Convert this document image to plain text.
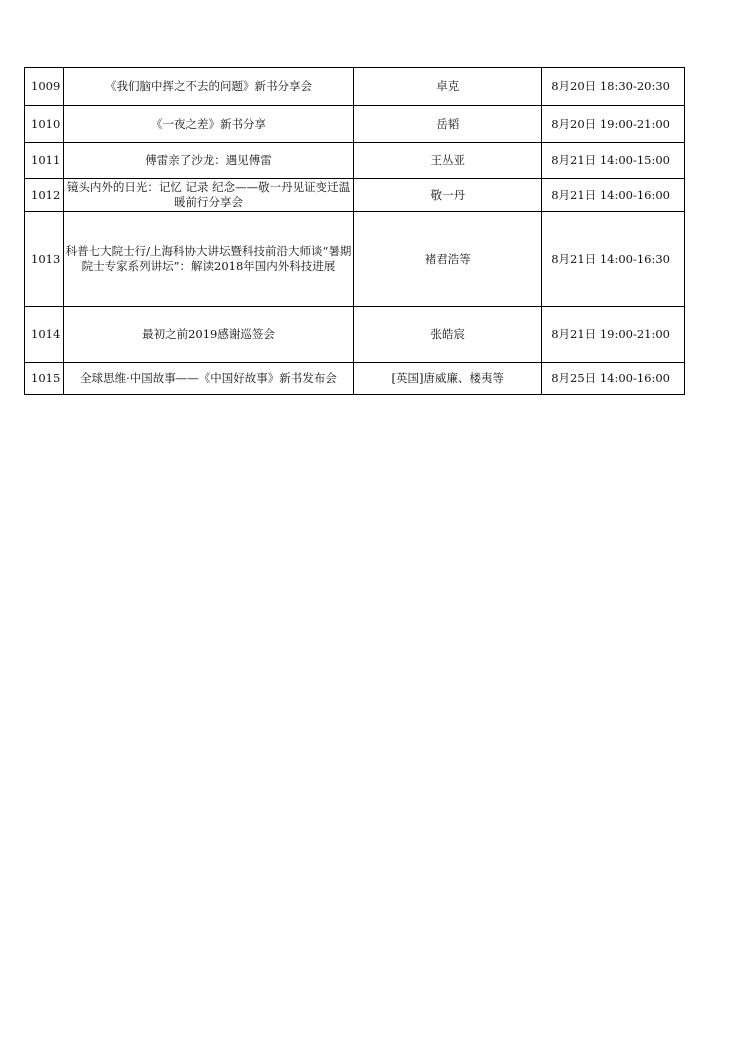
1009	《我们脑中挥之不去的问题》新书分享会	卓克	8月20日 18:30-20:30
1010	《一夜之差》新书分享	岳韬	8月20日 19:00-21:00
1011	傅雷亲了沙龙：遇见傅雷	王丛亚	8月21日 14:00-15:00
1012	镜头内外的日光：记忆 记录 纪念——敬一丹见证变迁温暖前行分享会	敬一丹	8月21日 14:00-16:00
1013	科普七大院士行/上海科协大讲坛暨科技前沿大师谈“暑期院士专家系列讲坛”：解读2018年国内外科技进展	褚君浩等	8月21日 14:00-16:30
1014	最初之前2019感谢巡签会	张皓宸	8月21日 19:00-21:00
1015	全球思维·中国故事——《中国好故事》新书发布会	[英国]唐威廉、楼夷等	8月25日 14:00-16:00
